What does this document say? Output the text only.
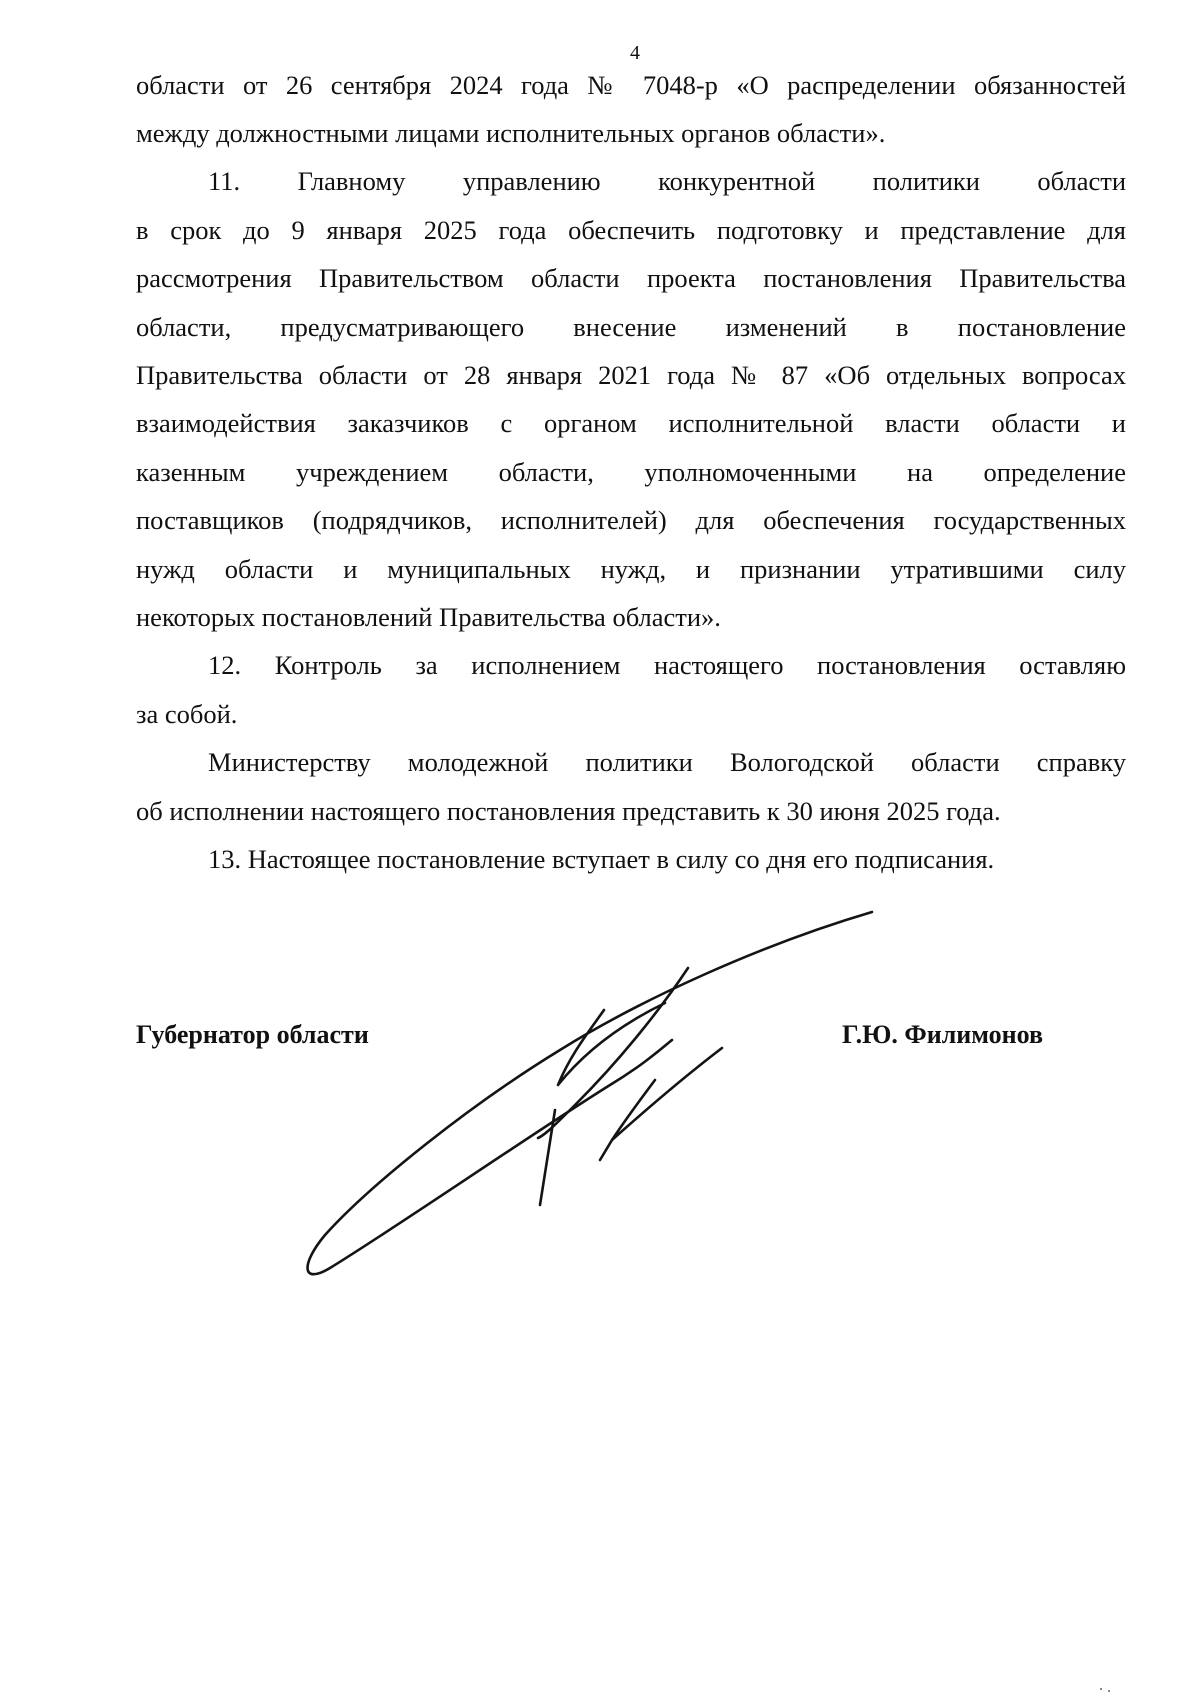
4
области от 26 сентября 2024 года № 7048-р «О распределении обязанностей
между должностными лицами исполнительных органов области».
11. Главному управлению конкурентной политики области
в срок до 9 января 2025 года обеспечить подготовку и представление для
рассмотрения Правительством области проекта постановления Правительства
области, предусматривающего внесение изменений в постановление
Правительства области от 28 января 2021 года № 87 «Об отдельных вопросах
взаимодействия заказчиков с органом исполнительной власти области и
казенным учреждением области, уполномоченными на определение
поставщиков (подрядчиков, исполнителей) для обеспечения государственных
нужд области и муниципальных нужд, и признании утратившими силу
некоторых постановлений Правительства области».
12. Контроль за исполнением настоящего постановления оставляю
за собой.
Министерству молодежной политики Вологодской области справку
об исполнении настоящего постановления представить к 30 июня 2025 года.
13. Настоящее постановление вступает в силу со дня его подписания.
Губернатор области	Г.Ю. Филимонов
